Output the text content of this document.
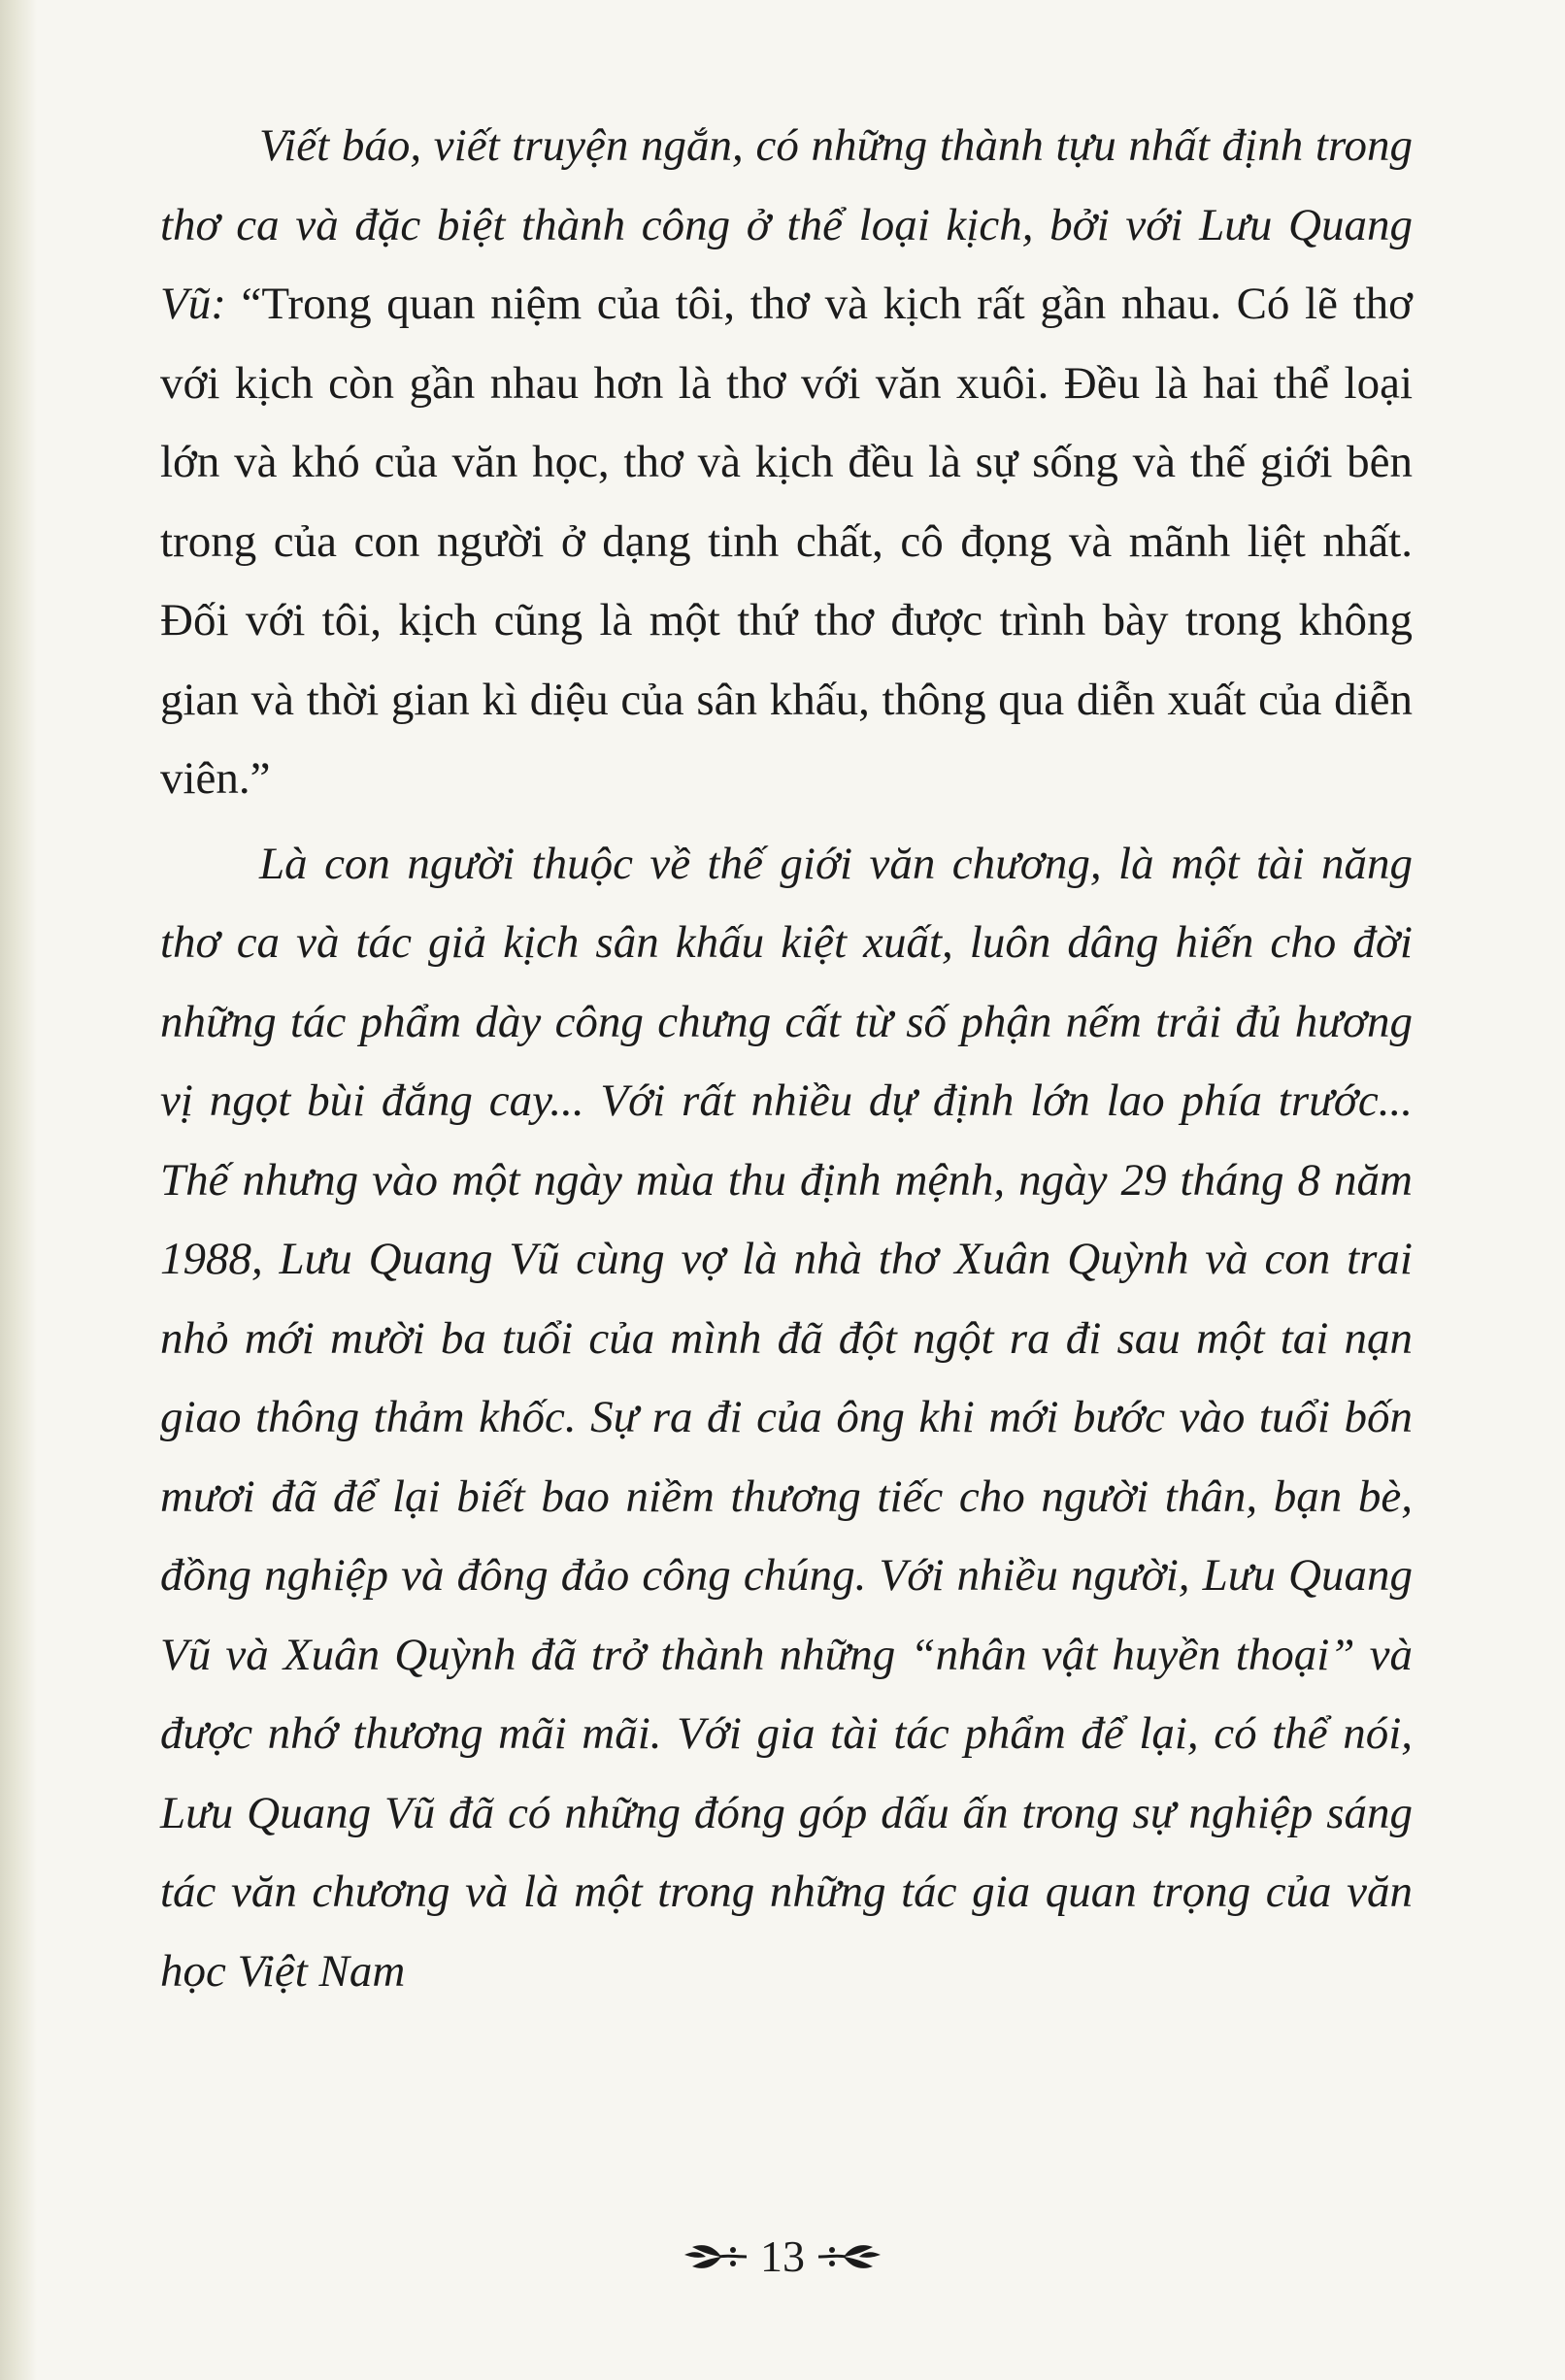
Viết báo, viết truyện ngắn, có những thành tựu nhất định trong thơ ca và đặc biệt thành công ở thể loại kịch, bởi với Lưu Quang Vũ: “Trong quan niệm của tôi, thơ và kịch rất gần nhau. Có lẽ thơ với kịch còn gần nhau hơn là thơ với văn xuôi. Đều là hai thể loại lớn và khó của văn học, thơ và kịch đều là sự sống và thế giới bên trong của con người ở dạng tinh chất, cô đọng và mãnh liệt nhất. Đối với tôi, kịch cũng là một thứ thơ được trình bày trong không gian và thời gian kì diệu của sân khấu, thông qua diễn xuất của diễn viên.”

Là con người thuộc về thế giới văn chương, là một tài năng thơ ca và tác giả kịch sân khấu kiệt xuất, luôn dâng hiến cho đời những tác phẩm dày công chưng cất từ số phận nếm trải đủ hương vị ngọt bùi đắng cay... Với rất nhiều dự định lớn lao phía trước... Thế nhưng vào một ngày mùa thu định mệnh, ngày 29 tháng 8 năm 1988, Lưu Quang Vũ cùng vợ là nhà thơ Xuân Quỳnh và con trai nhỏ mới mười ba tuổi của mình đã đột ngột ra đi sau một tai nạn giao thông thảm khốc. Sự ra đi của ông khi mới bước vào tuổi bốn mươi đã để lại biết bao niềm thương tiếc cho người thân, bạn bè, đồng nghiệp và đông đảo công chúng. Với nhiều người, Lưu Quang Vũ và Xuân Quỳnh đã trở thành những “nhân vật huyền thoại” và được nhớ thương mãi mãi. Với gia tài tác phẩm để lại, có thể nói, Lưu Quang Vũ đã có những đóng góp dấu ấn trong sự nghiệp sáng tác văn chương và là một trong những tác gia quan trọng của văn học Việt Nam

13
